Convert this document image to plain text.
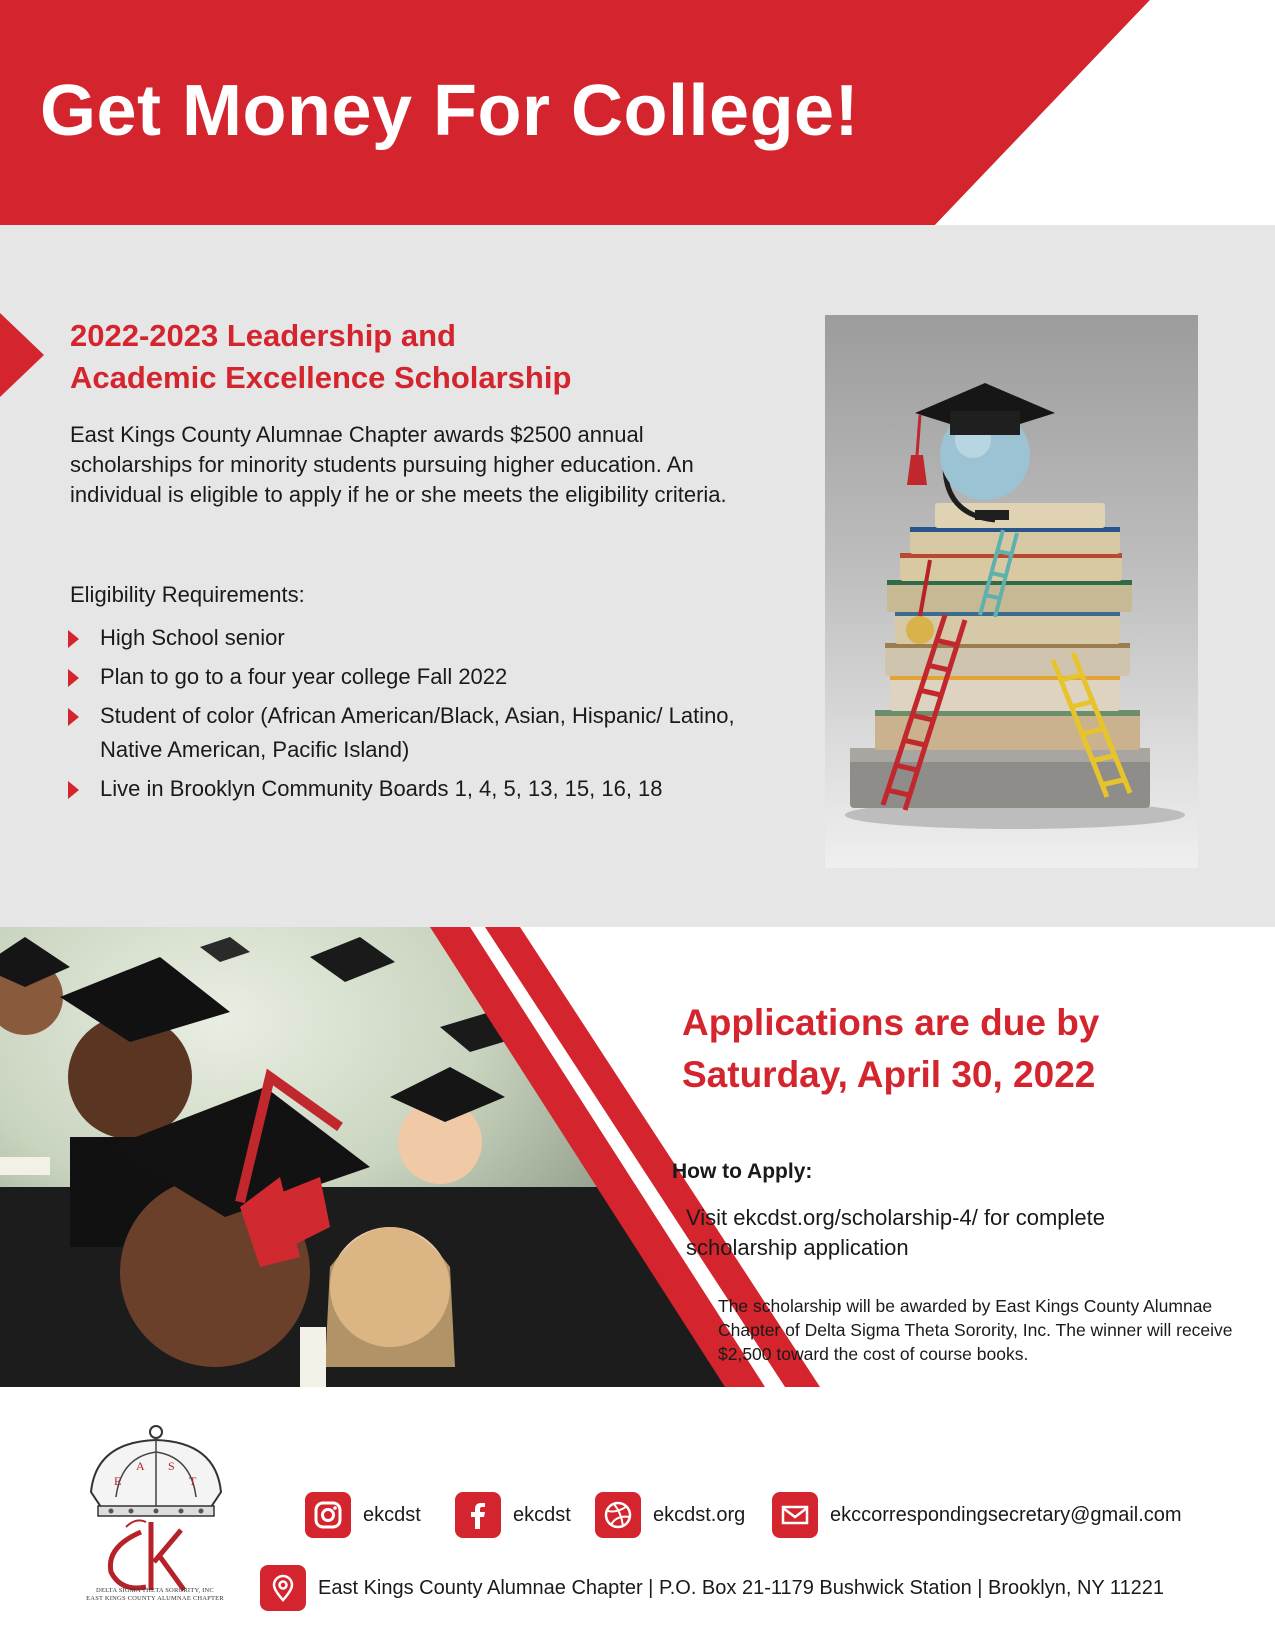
Get Money For College!
2022-2023 Leadership and
Academic Excellence Scholarship

East Kings County Alumnae Chapter awards $2500 annual scholarships for minority students pursuing higher education. An individual is eligible to apply if he or she meets the eligibility criteria.

Eligibility Requirements:
High School senior
Plan to go to a four year college Fall 2022
Student of color (African American/Black, Asian, Hispanic/ Latino, Native American, Pacific Island)
Live in Brooklyn Community Boards 1, 4, 5, 13, 15, 16, 18
Applications are due by
Saturday, April 30, 2022
How to Apply:
Visit ekcdst.org/scholarship-4/ for complete scholarship application
The scholarship will be awarded by East Kings County Alumnae Chapter of Delta Sigma Theta Sorority, Inc. The winner will receive $2,500 toward the cost of course books.
E
A S
T
DELTA SIGMA THETA SORORITY, INC
EAST KINGS COUNTY ALUMNAE CHAPTER
ekcdst	ekcdst	ekcdst.org	ekccorrespondingsecretary@gmail.com
East Kings County Alumnae Chapter | P.O. Box 21-1179 Bushwick Station | Brooklyn, NY 11221
